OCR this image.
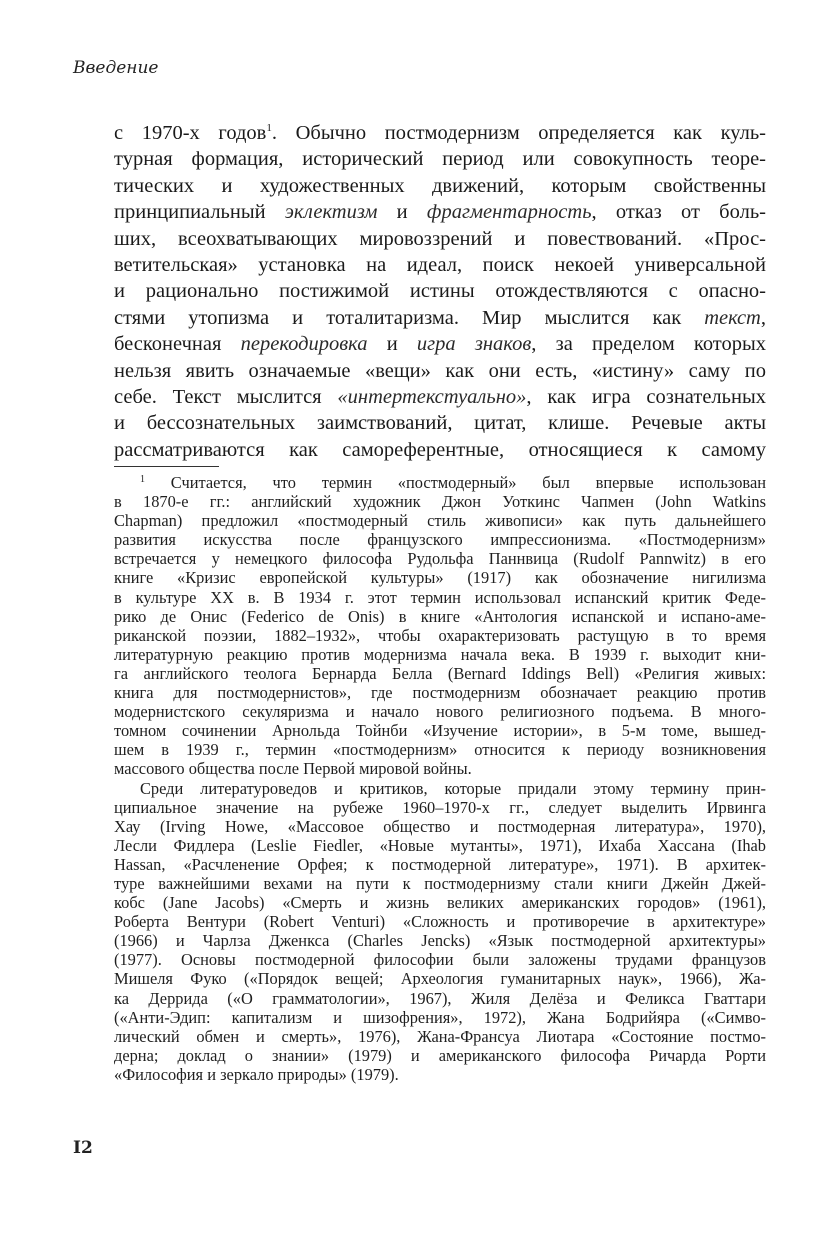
Введение
с 1970-х годов$^1$. Обычно постмодернизм определяется как куль-
турная формация, исторический период или совокупность теоре-
тических и художественных движений, которым свойственны
принципиальный эклектизм и фрагментарность, отказ от боль-
ших, всеохватывающих мировоззрений и повествований. «Прос-
ветительская» установка на идеал, поиск некоей универсальной
и рационально постижимой истины отождествляются с опасно-
стями утопизма и тоталитаризма. Мир мыслится как текст,
бесконечная перекодировка и игра знаков, за пределом которых
нельзя явить означаемые «вещи» как они есть, «истину» саму по
себе. Текст мыслится «интертекстуально», как игра сознательных
и бессознательных заимствований, цитат, клише. Речевые акты
рассматриваются как самореферентные, относящиеся к самому
$^1$ Считается, что термин «постмодерный» был впервые использован
в 1870-е гг.: английский художник Джон Уоткинс Чапмен (John Watkins
Chapman) предложил «постмодерный стиль живописи» как путь дальнейшего
развития искусства после французского импрессионизма. «Постмодернизм»
встречается у немецкого философа Рудольфа Паннвица (Rudolf Pannwitz) в его
книге «Кризис европейской культуры» (1917) как обозначение нигилизма
в культуре XX в. В 1934 г. этот термин использовал испанский критик Феде-
рико де Онис (Federico de Onis) в книге «Антология испанской и испано-аме-
риканской поэзии, 1882–1932», чтобы охарактеризовать растущую в то время
литературную реакцию против модернизма начала века. В 1939 г. выходит кни-
га английского теолога Бернарда Белла (Bernard Iddings Bell) «Религия живых:
книга для постмодернистов», где постмодернизм обозначает реакцию против
модернистского секуляризма и начало нового религиозного подъема. В много-
томном сочинении Арнольда Тойнби «Изучение истории», в 5-м томе, вышед-
шем в 1939 г., термин «постмодернизм» относится к периоду возникновения
массового общества после Первой мировой войны.
Среди литературоведов и критиков, которые придали этому термину прин-
ципиальное значение на рубеже 1960–1970-х гг., следует выделить Ирвинга
Хау (Irving Howe, «Массовое общество и постмодерная литература», 1970),
Лесли Фидлера (Leslie Fiedler, «Новые мутанты», 1971), Ихаба Хассана (Ihab
Hassan, «Расчленение Орфея; к постмодерной литературе», 1971). В архитек-
туре важнейшими вехами на пути к постмодернизму стали книги Джейн Джей-
кобс (Jane Jacobs) «Смерть и жизнь великих американских городов» (1961),
Роберта Вентури (Robert Venturi) «Сложность и противоречие в архитектуре»
(1966) и Чарлза Дженкса (Charles Jencks) «Язык постмодерной архитектуры»
(1977). Основы постмодерной философии были заложены трудами французов
Мишеля Фуко («Порядок вещей; Археология гуманитарных наук», 1966), Жа-
ка Деррида («О грамматологии», 1967), Жиля Делёза и Феликса Гваттари
(«Анти-Эдип: капитализм и шизофрения», 1972), Жана Бодрийяра («Симво-
лический обмен и смерть», 1976), Жана-Франсуа Лиотара «Состояние постмо-
дерна; доклад о знании» (1979) и американского философа Ричарда Рорти
«Философия и зеркало природы» (1979).
I2
